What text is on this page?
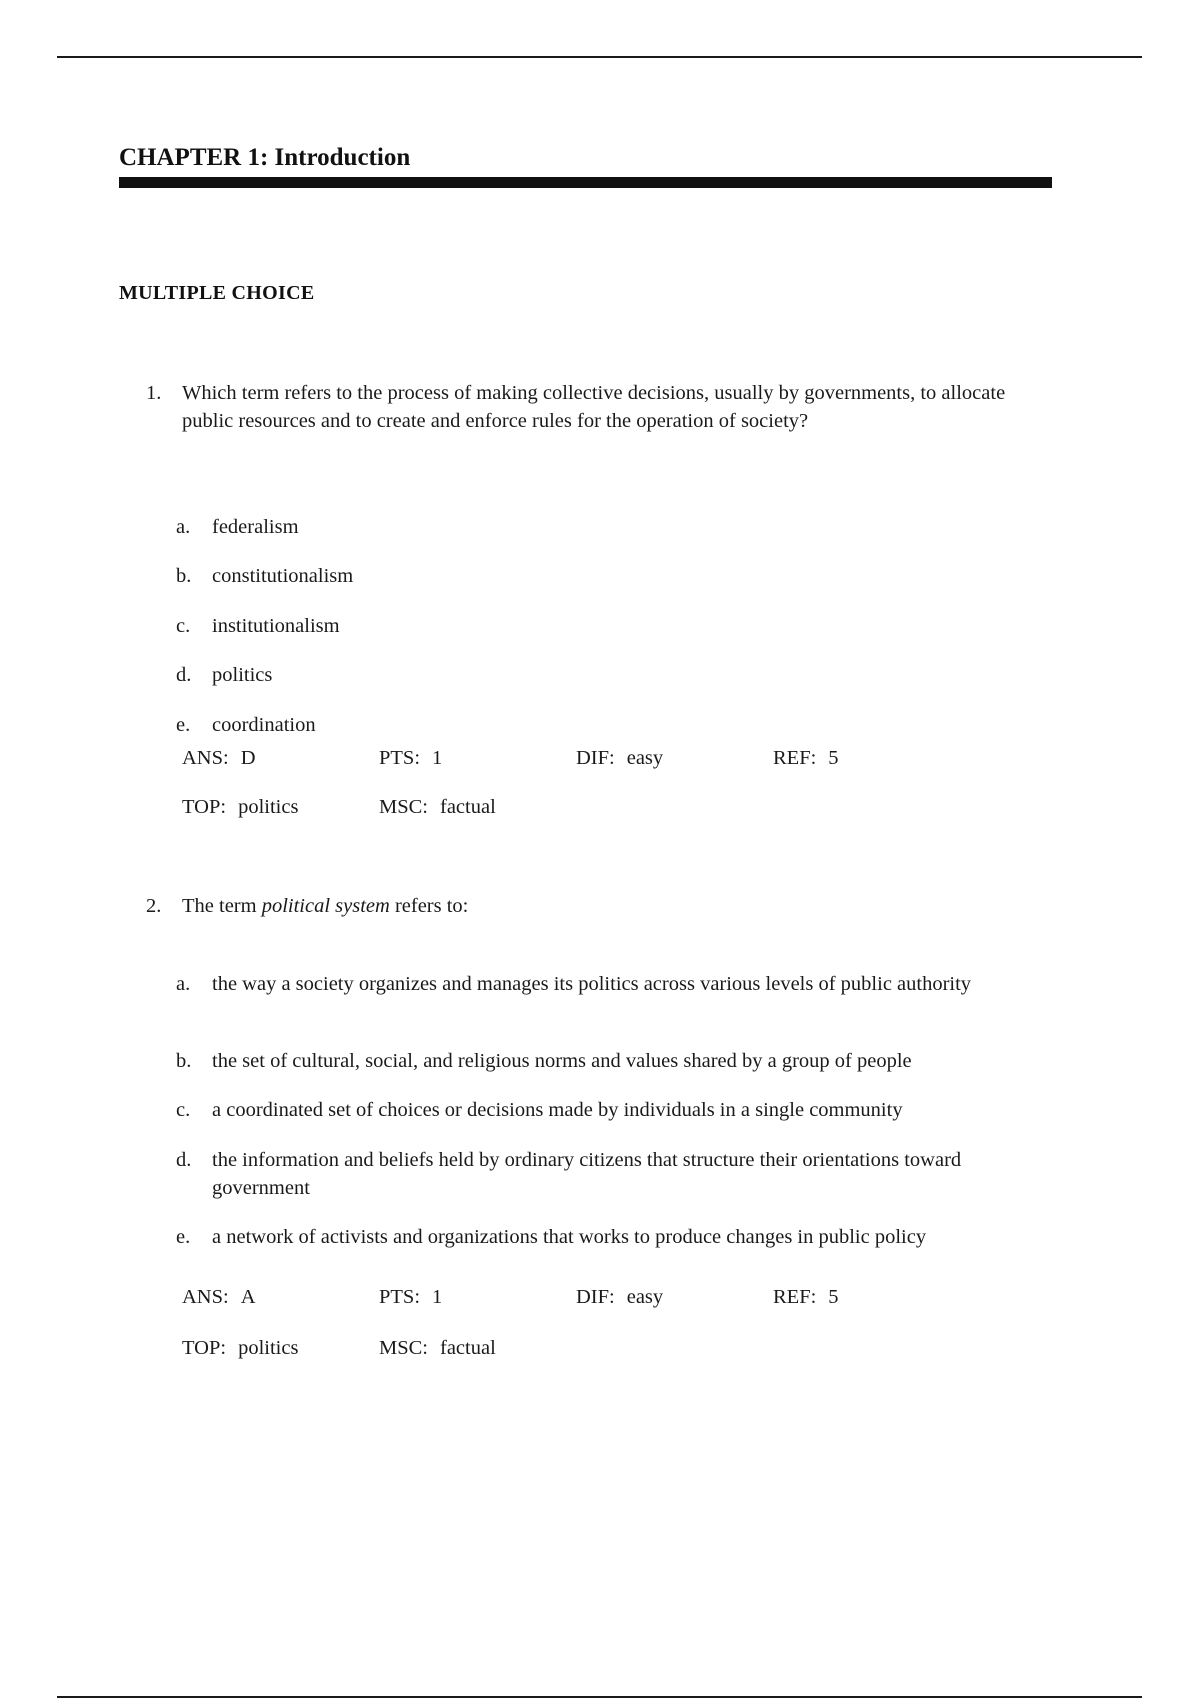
CHAPTER 1: Introduction
MULTIPLE CHOICE
1.	Which term refers to the process of making collective decisions, usually by governments, to allocate public resources and to create and enforce rules for the operation of society?
a.	federalism
b.	constitutionalism
c.	institutionalism
d.	politics
e.	coordination
ANS: D	PTS: 1	DIF: easy	REF: 5
TOP: politics	MSC: factual
2.	The term political system refers to:
a.	the way a society organizes and manages its politics across various levels of public authority
b.	the set of cultural, social, and religious norms and values shared by a group of people
c.	a coordinated set of choices or decisions made by individuals in a single community
d.	the information and beliefs held by ordinary citizens that structure their orientations toward government
e.	a network of activists and organizations that works to produce changes in public policy
ANS: A	PTS: 1	DIF: easy	REF: 5
TOP: politics	MSC: factual
